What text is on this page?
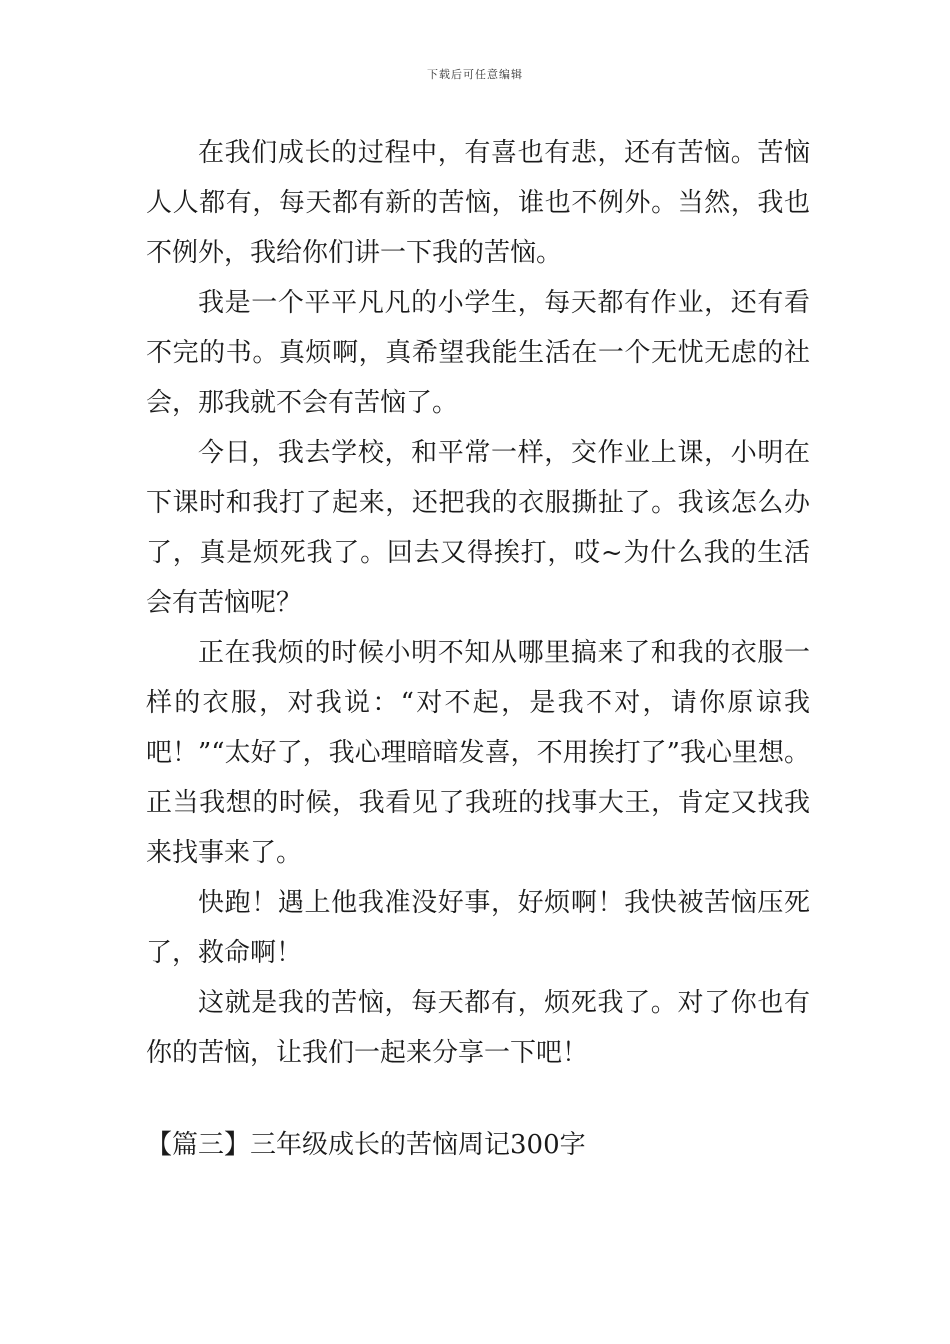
下载后可任意编辑

在我们成长的过程中，有喜也有悲，还有苦恼。苦恼人人都有，每天都有新的苦恼，谁也不例外。当然，我也不例外，我给你们讲一下我的苦恼。

我是一个平平凡凡的小学生，每天都有作业，还有看不完的书。真烦啊，真希望我能生活在一个无忧无虑的社会，那我就不会有苦恼了。

今日，我去学校，和平常一样，交作业上课，小明在下课时和我打了起来，还把我的衣服撕扯了。我该怎么办了，真是烦死我了。回去又得挨打，哎~为什么我的生活会有苦恼呢？

正在我烦的时候小明不知从哪里搞来了和我的衣服一样的衣服，对我说：“对不起，是我不对，请你原谅我吧！”“太好了，我心理暗暗发喜，不用挨打了”我心里想。正当我想的时候，我看见了我班的找事大王，肯定又找我来找事来了。

快跑！遇上他我准没好事，好烦啊！我快被苦恼压死了，救命啊！

这就是我的苦恼，每天都有，烦死我了。对了你也有你的苦恼，让我们一起来分享一下吧！

【篇三】三年级成长的苦恼周记300字
